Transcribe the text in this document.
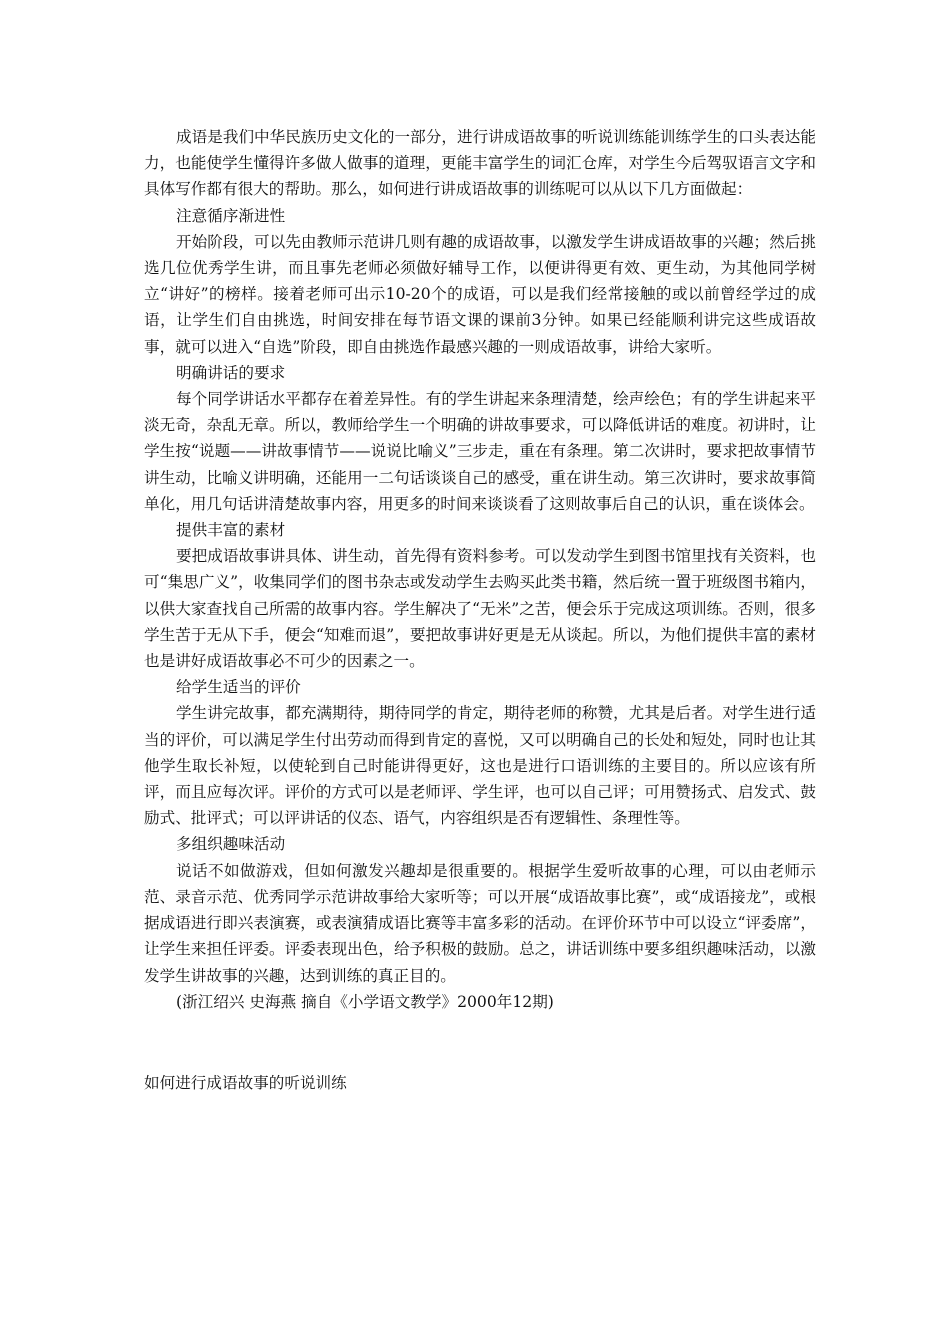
成语是我们中华民族历史文化的一部分，进行讲成语故事的听说训练能训练学生的口头表达能力，也能使学生懂得许多做人做事的道理，更能丰富学生的词汇仓库，对学生今后驾驭语言文字和具体写作都有很大的帮助。那么，如何进行讲成语故事的训练呢可以从以下几方面做起：

注意循序渐进性

开始阶段，可以先由教师示范讲几则有趣的成语故事，以激发学生讲成语故事的兴趣；然后挑选几位优秀学生讲，而且事先老师必须做好辅导工作，以便讲得更有效、更生动，为其他同学树立“讲好”的榜样。接着老师可出示10-20个的成语，可以是我们经常接触的或以前曾经学过的成语，让学生们自由挑选，时间安排在每节语文课的课前3分钟。如果已经能顺利讲完这些成语故事，就可以进入“自选”阶段，即自由挑选作最感兴趣的一则成语故事，讲给大家听。

明确讲话的要求

每个同学讲话水平都存在着差异性。有的学生讲起来条理清楚，绘声绘色；有的学生讲起来平淡无奇，杂乱无章。所以，教师给学生一个明确的讲故事要求，可以降低讲话的难度。初讲时，让学生按“说题——讲故事情节——说说比喻义”三步走，重在有条理。第二次讲时，要求把故事情节讲生动，比喻义讲明确，还能用一二句话谈谈自己的感受，重在讲生动。第三次讲时，要求故事简单化，用几句话讲清楚故事内容，用更多的时间来谈谈看了这则故事后自己的认识，重在谈体会。

提供丰富的素材

要把成语故事讲具体、讲生动，首先得有资料参考。可以发动学生到图书馆里找有关资料，也可“集思广义”，收集同学们的图书杂志或发动学生去购买此类书籍，然后统一置于班级图书箱内，以供大家查找自己所需的故事内容。学生解决了“无米”之苦，便会乐于完成这项训练。否则，很多学生苦于无从下手，便会“知难而退”，要把故事讲好更是无从谈起。所以，为他们提供丰富的素材也是讲好成语故事必不可少的因素之一。

给学生适当的评价

学生讲完故事，都充满期待，期待同学的肯定，期待老师的称赞，尤其是后者。对学生进行适当的评价，可以满足学生付出劳动而得到肯定的喜悦，又可以明确自己的长处和短处，同时也让其他学生取长补短，以使轮到自己时能讲得更好，这也是进行口语训练的主要目的。所以应该有所评，而且应每次评。评价的方式可以是老师评、学生评，也可以自己评；可用赞扬式、启发式、鼓励式、批评式；可以评讲话的仪态、语气，内容组织是否有逻辑性、条理性等。

多组织趣味活动

说话不如做游戏，但如何激发兴趣却是很重要的。根据学生爱听故事的心理，可以由老师示范、录音示范、优秀同学示范讲故事给大家听等；可以开展“成语故事比赛”，或“成语接龙”，或根据成语进行即兴表演赛，或表演猜成语比赛等丰富多彩的活动。在评价环节中可以设立“评委席”，让学生来担任评委。评委表现出色，给予积极的鼓励。总之，讲话训练中要多组织趣味活动，以激发学生讲故事的兴趣，达到训练的真正目的。

(浙江绍兴 史海燕 摘自《小学语文教学》2000年12期)

如何进行成语故事的听说训练
